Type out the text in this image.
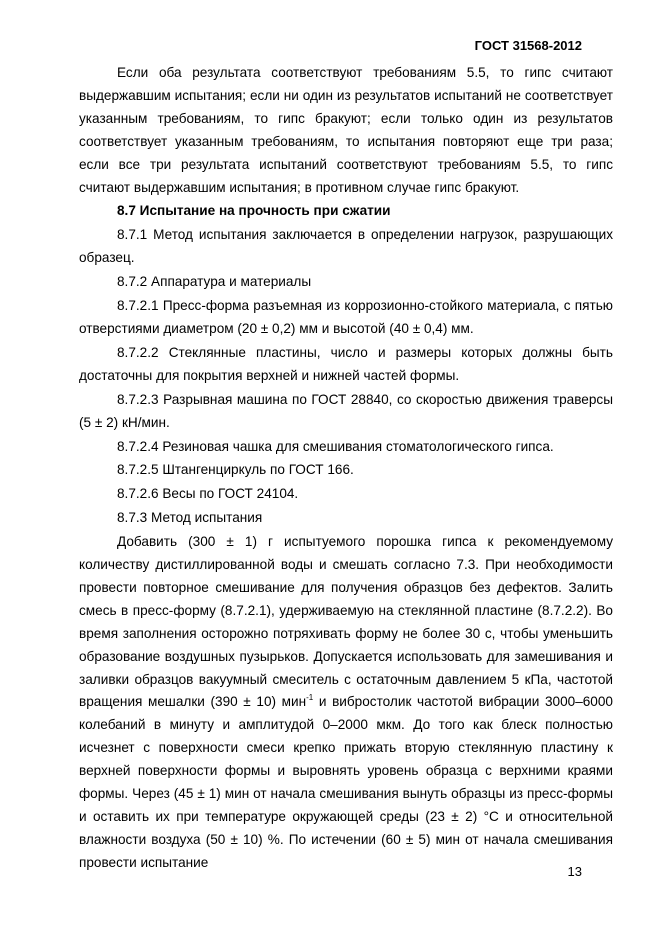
ГОСТ 31568-2012

Если оба результата соответствуют требованиям 5.5, то гипс считают выдержавшим испытания; если ни один из результатов испытаний не соответствует указанным требованиям, то гипс бракуют; если только один из результатов соответствует указанным требованиям, то испытания повторяют еще три раза; если все три результата испытаний соответствуют требованиям 5.5, то гипс считают выдержавшим испытания; в противном случае гипс бракуют.

8.7 Испытание на прочность при сжатии

8.7.1 Метод испытания заключается в определении нагрузок, разрушающих образец.

8.7.2 Аппаратура и материалы

8.7.2.1 Пресс-форма разъемная из коррозионно-стойкого материала, с пятью отверстиями диаметром (20 ± 0,2) мм и высотой (40 ± 0,4) мм.

8.7.2.2 Стеклянные пластины, число и размеры которых должны быть достаточны для покрытия верхней и нижней частей формы.

8.7.2.3 Разрывная машина по ГОСТ 28840, со скоростью движения траверсы (5 ± 2) кН/мин.

8.7.2.4 Резиновая чашка для смешивания стоматологического гипса.

8.7.2.5 Штангенциркуль по ГОСТ 166.

8.7.2.6 Весы по ГОСТ 24104.

8.7.3 Метод испытания

Добавить (300 ± 1) г испытуемого порошка гипса к рекомендуемому количеству дистиллированной воды и смешать согласно 7.3. При необходимости провести повторное смешивание для получения образцов без дефектов. Залить смесь в пресс-форму (8.7.2.1), удерживаемую на стеклянной пластине (8.7.2.2). Во время заполнения осторожно потряхивать форму не более 30 с, чтобы уменьшить образование воздушных пузырьков. Допускается использовать для замешивания и заливки образцов вакуумный смеситель с остаточным давлением 5 кПа, частотой вращения мешалки (390 ± 10) мин$^{-1}$ и вибростолик частотой вибрации 3000–6000 колебаний в минуту и амплитудой 0–2000 мкм. До того как блеск полностью исчезнет с поверхности смеси крепко прижать вторую стеклянную пластину к верхней поверхности формы и выровнять уровень образца с верхними краями формы. Через (45 ± 1) мин от начала смешивания вынуть образцы из пресс-формы и оставить их при температуре окружающей среды (23 ± 2) °С и относительной влажности воздуха (50 ± 10) %. По истечении (60 ± 5) мин от начала смешивания провести испытание

13
